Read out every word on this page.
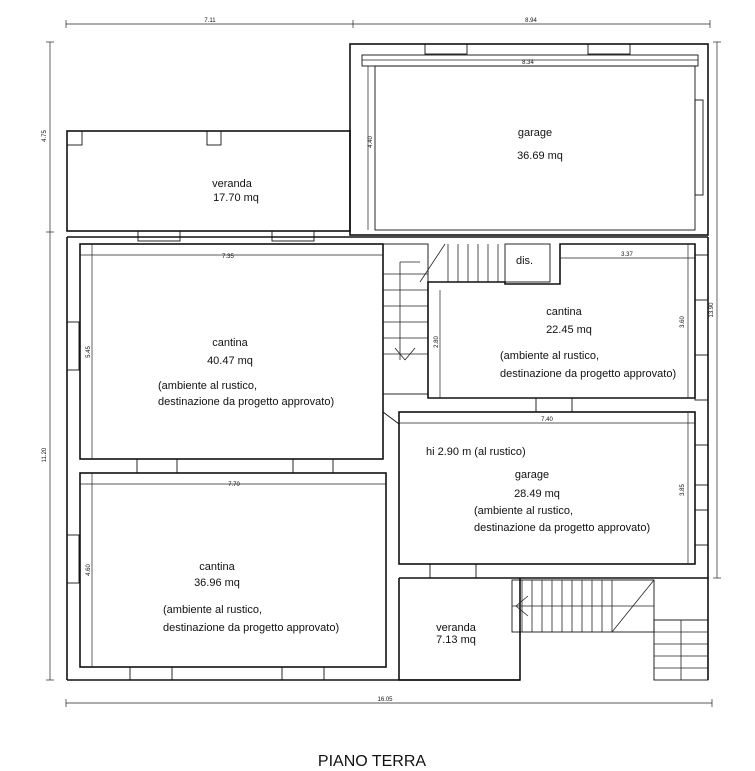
7.11	8.94
4.75
11.20
13.90
16.05
8.34
4.40
garage
36.69 mq
veranda
17.70 mq
7.35
5.45
cantina
40.47 mq
(ambiente al rustico,
destinazione da progetto approvato)
7.70
4.60	cantina
36.96 mq
(ambiente al rustico,
destinazione da progetto approvato)
dis.	3.37
3.60
2.80
cantina
22.45 mq
(ambiente al rustico,
destinazione da progetto approvato)
7.40
3.85
hi 2.90 m (al rustico)
garage
28.49 mq
(ambiente al rustico,
destinazione da progetto approvato)
veranda
7.13 mq
PIANO TERRA
